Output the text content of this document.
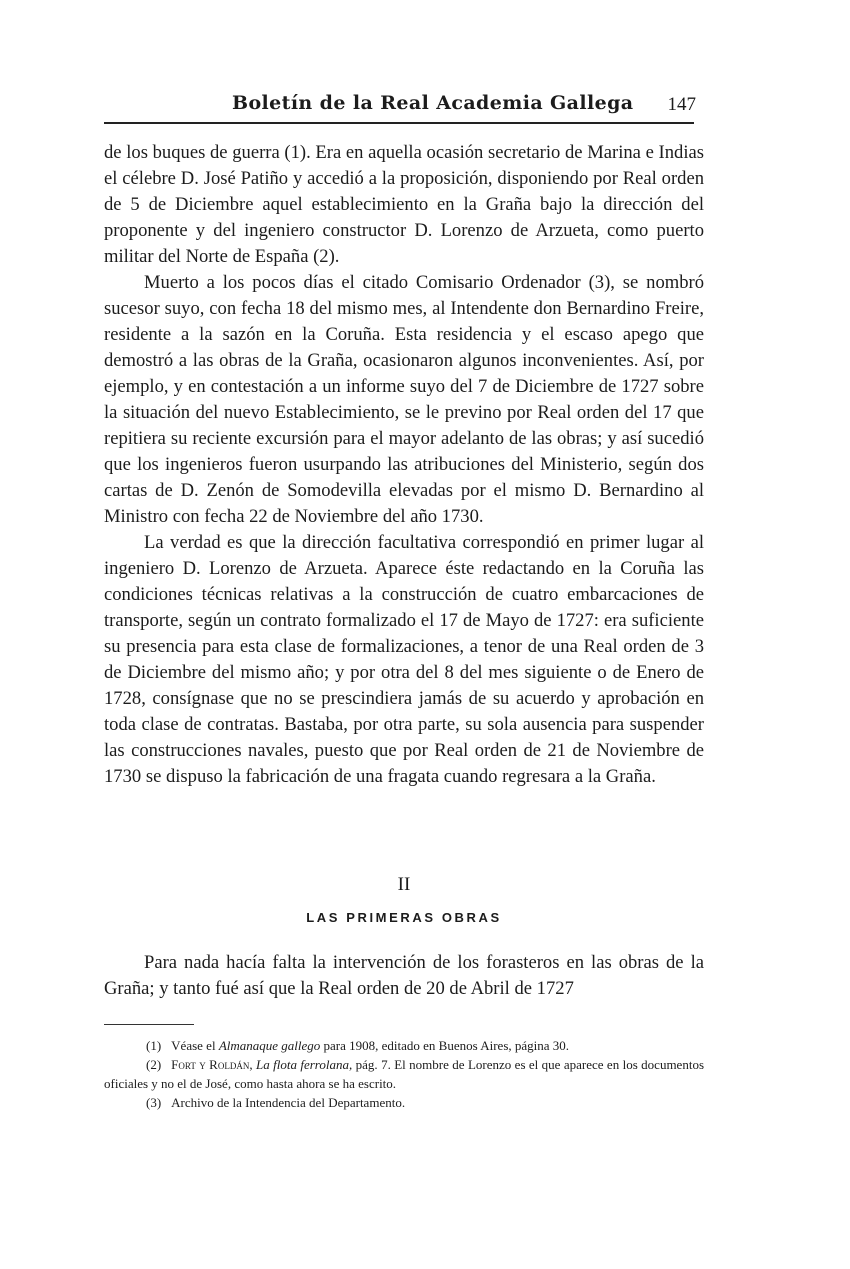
Boletín de la Real Academia Gallega 147

de los buques de guerra (1). Era en aquella ocasión secretario de Marina e Indias el célebre D. José Patiño y accedió a la proposición, disponiendo por Real orden de 5 de Diciembre aquel establecimiento en la Graña bajo la dirección del proponente y del ingeniero constructor D. Lorenzo de Arzueta, como puerto militar del Norte de España (2).

Muerto a los pocos días el citado Comisario Ordenador (3), se nombró sucesor suyo, con fecha 18 del mismo mes, al Intendente don Bernardino Freire, residente a la sazón en la Coruña. Esta residencia y el escaso apego que demostró a las obras de la Graña, ocasionaron algunos inconvenientes. Así, por ejemplo, y en contestación a un informe suyo del 7 de Diciembre de 1727 sobre la situación del nuevo Establecimiento, se le previno por Real orden del 17 que repitiera su reciente excursión para el mayor adelanto de las obras; y así sucedió que los ingenieros fueron usurpando las atribuciones del Ministerio, según dos cartas de D. Zenón de Somodevilla elevadas por el mismo D. Bernardino al Ministro con fecha 22 de Noviembre del año 1730.

La verdad es que la dirección facultativa correspondió en primer lugar al ingeniero D. Lorenzo de Arzueta. Aparece éste redactando en la Coruña las condiciones técnicas relativas a la construcción de cuatro embarcaciones de transporte, según un contrato formalizado el 17 de Mayo de 1727: era suficiente su presencia para esta clase de formalizaciones, a tenor de una Real orden de 3 de Diciembre del mismo año; y por otra del 8 del mes siguiente o de Enero de 1728, consígnase que no se prescindiera jamás de su acuerdo y aprobación en toda clase de contratas. Bastaba, por otra parte, su sola ausencia para suspender las construcciones navales, puesto que por Real orden de 21 de Noviembre de 1730 se dispuso la fabricación de una fragata cuando regresara a la Graña.

II
LAS PRIMERAS OBRAS

Para nada hacía falta la intervención de los forasteros en las obras de la Graña; y tanto fué así que la Real orden de 20 de Abril de 1727

(1) Véase el Almanaque gallego para 1908, editado en Buenos Aires, página 30.

(2) Fort y Roldán, La flota ferrolana, pág. 7. El nombre de Lorenzo es el que aparece en los documentos oficiales y no el de José, como hasta ahora se ha escrito.

(3) Archivo de la Intendencia del Departamento.
